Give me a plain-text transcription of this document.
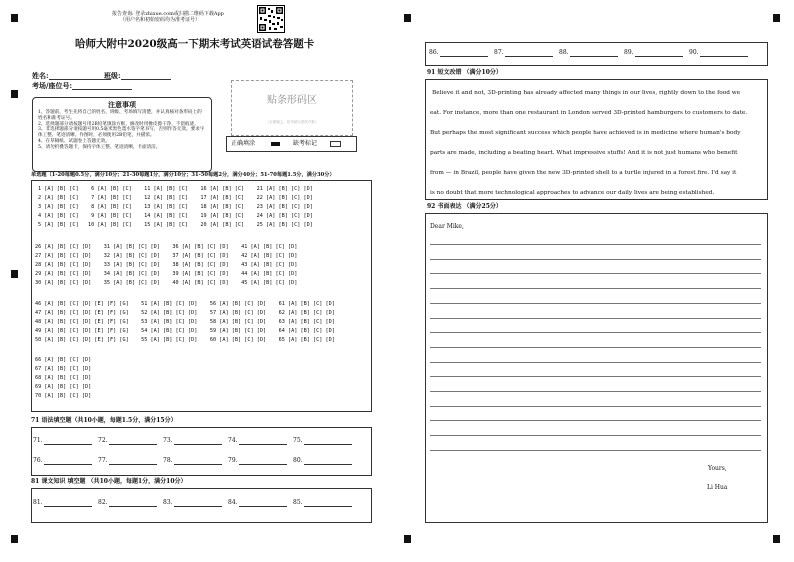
报告查询: 登录zhixue.com或扫描二维码下载App
（用户名和初始密码均为准考证号）
哈师大附中2020级高一下期末考试英语试卷答题卡
姓名:	班级:
考场/座位号:
贴条形码区
（正面朝上，切勿贴出虚线方框）
正确填涂	缺考标记
注意事项
1、答题前，考生先将自己的姓名、班级、考场填写清楚，并认真核对条形码上的姓名和准考证号。
2、选择题部分请按题号用2B铅笔填涂方框，修改时用橡皮擦干净，不留痕迹。
3、非选择题部分请按题号用0.5毫米黑色墨水签字笔书写，否则作答无效。要求字体工整、笔迹清晰。作图时，必须使用2B铅笔，并描浓。
4、在草稿纸、试题卷上答题无效。
5、请勿折叠答题卡，保持字体工整、笔迹清晰、卡面清洁。
单选题（1-20每题0.5分，满分10分；21-30每题1分，满分10分；31-50每题2分，满分40分；51-70每题1.5分，满分30分）
1 [A] [B] [C]    6 [A] [B] [C]    11 [A] [B] [C]    16 [A] [B] [C]    21 [A] [B] [C] [D]
2 [A] [B] [C]    7 [A] [B] [C]    12 [A] [B] [C]    17 [A] [B] [C]    22 [A] [B] [C] [D]
3 [A] [B] [C]    8 [A] [B] [C]    13 [A] [B] [C]    18 [A] [B] [C]    23 [A] [B] [C] [D]
4 [A] [B] [C]    9 [A] [B] [C]    14 [A] [B] [C]    19 [A] [B] [C]    24 [A] [B] [C] [D]
5 [A] [B] [C]   10 [A] [B] [C]    15 [A] [B] [C]    20 [A] [B] [C]    25 [A] [B] [C] [D]
26 [A] [B] [C] [D]    31 [A] [B] [C] [D]    36 [A] [B] [C] [D]    41 [A] [B] [C] [D]
27 [A] [B] [C] [D]    32 [A] [B] [C] [D]    37 [A] [B] [C] [D]    42 [A] [B] [C] [D]
28 [A] [B] [C] [D]    33 [A] [B] [C] [D]    38 [A] [B] [C] [D]    43 [A] [B] [C] [D]
29 [A] [B] [C] [D]    34 [A] [B] [C] [D]    39 [A] [B] [C] [D]    44 [A] [B] [C] [D]
30 [A] [B] [C] [D]    35 [A] [B] [C] [D]    40 [A] [B] [C] [D]    45 [A] [B] [C] [D]
46 [A] [B] [C] [D] [E] [F] [G]    51 [A] [B] [C] [D]    56 [A] [B] [C] [D]    61 [A] [B] [C] [D]
47 [A] [B] [C] [D] [E] [F] [G]    52 [A] [B] [C] [D]    57 [A] [B] [C] [D]    62 [A] [B] [C] [D]
48 [A] [B] [C] [D] [E] [F] [G]    53 [A] [B] [C] [D]    58 [A] [B] [C] [D]    63 [A] [B] [C] [D]
49 [A] [B] [C] [D] [E] [F] [G]    54 [A] [B] [C] [D]    59 [A] [B] [C] [D]    64 [A] [B] [C] [D]
50 [A] [B] [C] [D] [E] [F] [G]    55 [A] [B] [C] [D]    60 [A] [B] [C] [D]    65 [A] [B] [C] [D]
66 [A] [B] [C] [D]
67 [A] [B] [C] [D]
68 [A] [B] [C] [D]
69 [A] [B] [C] [D]
70 [A] [B] [C] [D]
71 语法填空题（共10小题，每题1.5分，满分15分）
71.	72.	73.	74.	75.
76.	77.	78.	79.	80.
81 课文知识 填空题 （共10小题，每题1分，满分10分）
81.	82.	83.	84.	85.
86.	87.	88.	89.	90.
91 短文改错 （满分10分）
Believe it and not, 3D-printing has already affected many things in our lives, rightly down to the food we
eat. For instance, more than one restaurant in London served 3D-printed hamburgers to customers to date.
But perhaps the most significant success which people have achieved is in medicine where human's body
parts are made, including a beating heart. What impressive stuffs! And it is not just humans who benefit
from — in Brazil, people have given the new 3D-printed shell to a turtle injured in a forest fire. I'd say it
is no doubt that more technological approaches to advance our daily lives are being established.
92 书面表达 （满分25分）
Dear Mike,
Yours,
Li Hua
